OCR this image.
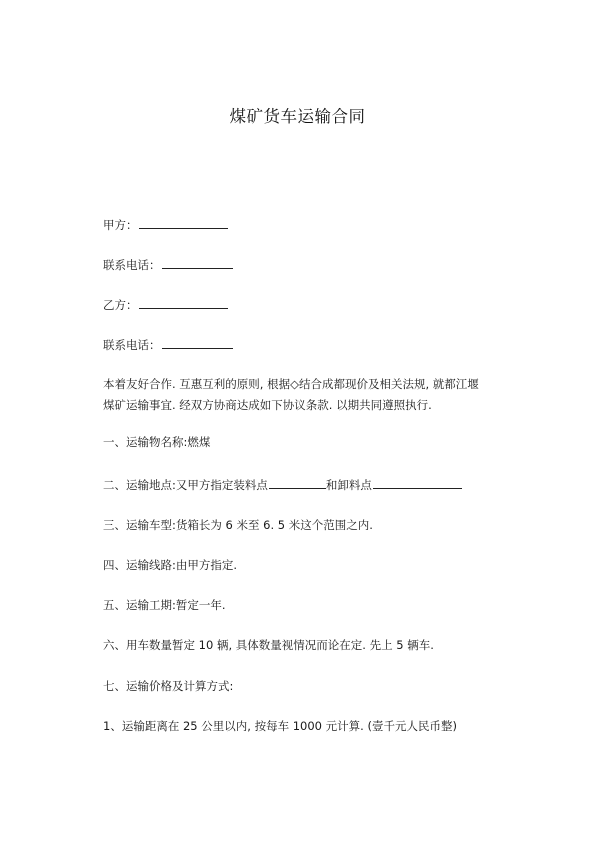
煤矿货车运输合同
甲方：
联系电话：
乙方：
联系电话：
本着友好合作. 互惠互利的原则, 根据◇结合成都现价及相关法规, 就都江堰煤矿运输事宜. 经双方协商达成如下协议条款. 以期共同遵照执行.
一、运输物名称:燃煤
二、运输地点:又甲方指定装料点	和卸料点
三、运输车型:货箱长为 6 米至 6. 5 米这个范围之内.
四、运输线路:由甲方指定.
五、运输工期:暂定一年.
六、用车数量暂定 10 辆, 具体数量视情况而论在定. 先上 5 辆车.
七、运输价格及计算方式:
1、运输距离在 25 公里以内, 按每车 1000 元计算. (壹千元人民币整)
